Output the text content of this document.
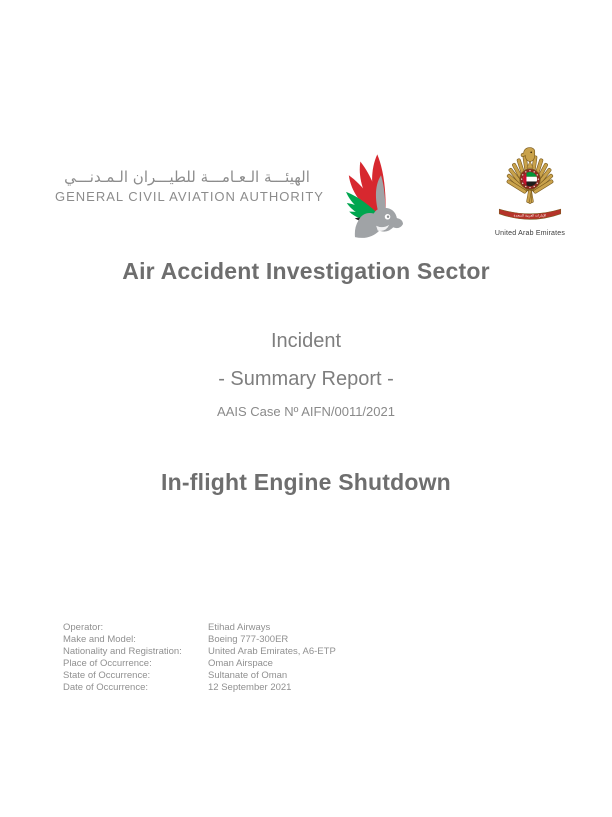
الهيئـــة الـعـامـــة للطيـــران الـمـدنـــي
GENERAL CIVIL AVIATION AUTHORITY
الإمارات العربية المتحدة
United Arab Emirates
Air Accident Investigation Sector
Incident
- Summary Report -
AAIS Case Nº AIFN/0011/2021
In-flight Engine Shutdown
Operator:	Etihad Airways
Make and Model:	Boeing 777-300ER
Nationality and Registration:	United Arab Emirates, A6-ETP
Place of Occurrence:	Oman Airspace
State of Occurrence:	Sultanate of Oman
Date of Occurrence:	12 September 2021
